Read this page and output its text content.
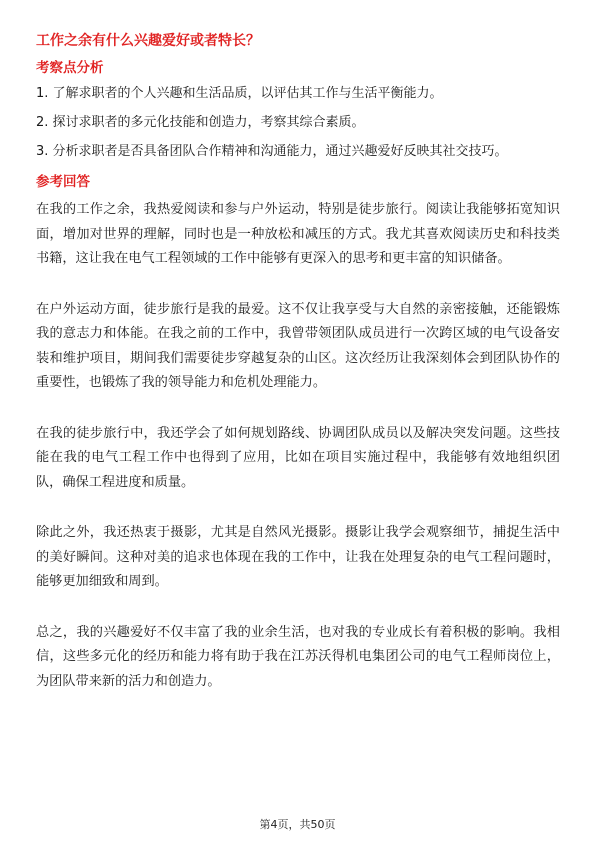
工作之余有什么兴趣爱好或者特长？
考察点分析
1. 了解求职者的个人兴趣和生活品质，以评估其工作与生活平衡能力。
2. 探讨求职者的多元化技能和创造力，考察其综合素质。
3. 分析求职者是否具备团队合作精神和沟通能力，通过兴趣爱好反映其社交技巧。
参考回答
在我的工作之余，我热爱阅读和参与户外运动，特别是徒步旅行。阅读让我能够拓宽知识面，增加对世界的理解，同时也是一种放松和减压的方式。我尤其喜欢阅读历史和科技类书籍，这让我在电气工程领域的工作中能够有更深入的思考和更丰富的知识储备。
在户外运动方面，徒步旅行是我的最爱。这不仅让我享受与大自然的亲密接触，还能锻炼我的意志力和体能。在我之前的工作中，我曾带领团队成员进行一次跨区域的电气设备安装和维护项目，期间我们需要徒步穿越复杂的山区。这次经历让我深刻体会到团队协作的重要性，也锻炼了我的领导能力和危机处理能力。
在我的徒步旅行中，我还学会了如何规划路线、协调团队成员以及解决突发问题。这些技能在我的电气工程工作中也得到了应用，比如在项目实施过程中，我能够有效地组织团队，确保工程进度和质量。
除此之外，我还热衷于摄影，尤其是自然风光摄影。摄影让我学会观察细节，捕捉生活中的美好瞬间。这种对美的追求也体现在我的工作中，让我在处理复杂的电气工程问题时，能够更加细致和周到。
总之，我的兴趣爱好不仅丰富了我的业余生活，也对我的专业成长有着积极的影响。我相信，这些多元化的经历和能力将有助于我在江苏沃得机电集团公司的电气工程师岗位上，为团队带来新的活力和创造力。
第4页，共50页
